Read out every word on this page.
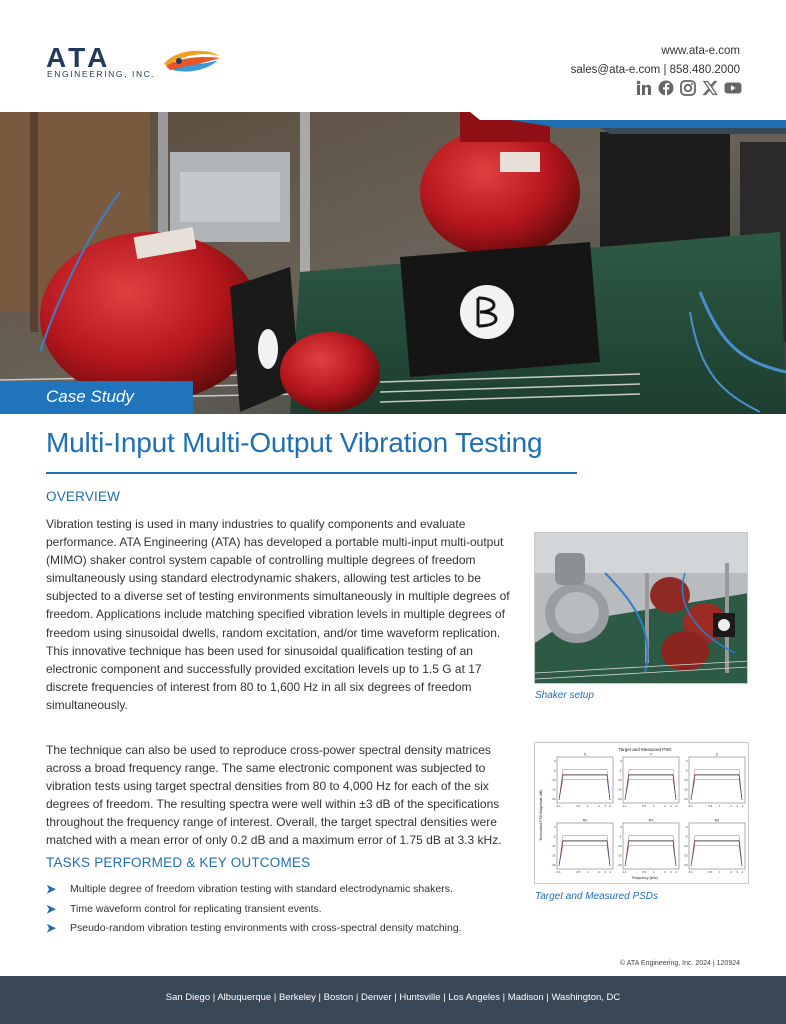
ATA
ENGINEERING, INC.
www.ata-e.com
sales@ata-e.com | 858.480.2000
Case Study
Multi-Input Multi-Output Vibration Testing
OVERVIEW

Vibration testing is used in many industries to qualify components and evaluate performance. ATA Engineering (ATA) has developed a portable multi-input multi-output (MIMO) shaker control system capable of controlling multiple degrees of freedom simultaneously using standard electrodynamic shakers, allowing test articles to be subjected to a diverse set of testing environments simultaneously in multiple degrees of freedom. Applications include matching specified vibration levels in multiple degrees of freedom using sinusoidal dwells, random excitation, and/or time waveform replication. This innovative technique has been used for sinusoidal qualification testing of an electronic component and successfully provided excitation levels up to 1.5 G at 17 discrete frequencies of interest from 80 to 1,600 Hz in all six degrees of freedom simultaneously.

The technique can also be used to reproduce cross-power spectral density matrices across a broad frequency range. The same electronic component was subjected to vibration tests using target spectral densities from 80 to 4,000 Hz for each of the six degrees of freedom. The resulting spectra were well within ±3 dB of the specifications throughout the frequency range of interest. Overall, the target spectral densities were matched with a mean error of only 0.2 dB and a maximum error of 1.75 dB at 3.3 kHz.

Shaker setup
Target and Measured PSD
Normalized PSD Magnitude (dB)
Frequency (kHz)
X
0
-5
-10
-15
-20
0.1	0.5 1	2 3 4
Y
0
-5
-10
-15
-20
0.1	0.5 1	2 3 4
Z
0
-5
-10
-15
-20
0.1	0.5 1	2 3 4
RX
0
-5
-10
-15
-20
0.1	0.5 1	2 3 4
RY
0
-5
-10
-15
-20
0.1	0.5 1	2 3 4
RZ
0
-5
-10
-15
-20
0.1	0.5 1	2 3 4
Target and Measured PSDs
TASKS PERFORMED & KEY OUTCOMES
➤ Multiple degree of freedom vibration testing with standard electrodynamic shakers.
➤ Time waveform control for replicating transient events.
➤ Pseudo-random vibration testing environments with cross-spectral density matching.
© ATA Engineering, Inc. 2024 | 120924
San Diego | Albuquerque | Berkeley | Boston | Denver | Huntsville | Los Angeles | Madison | Washington, DC
